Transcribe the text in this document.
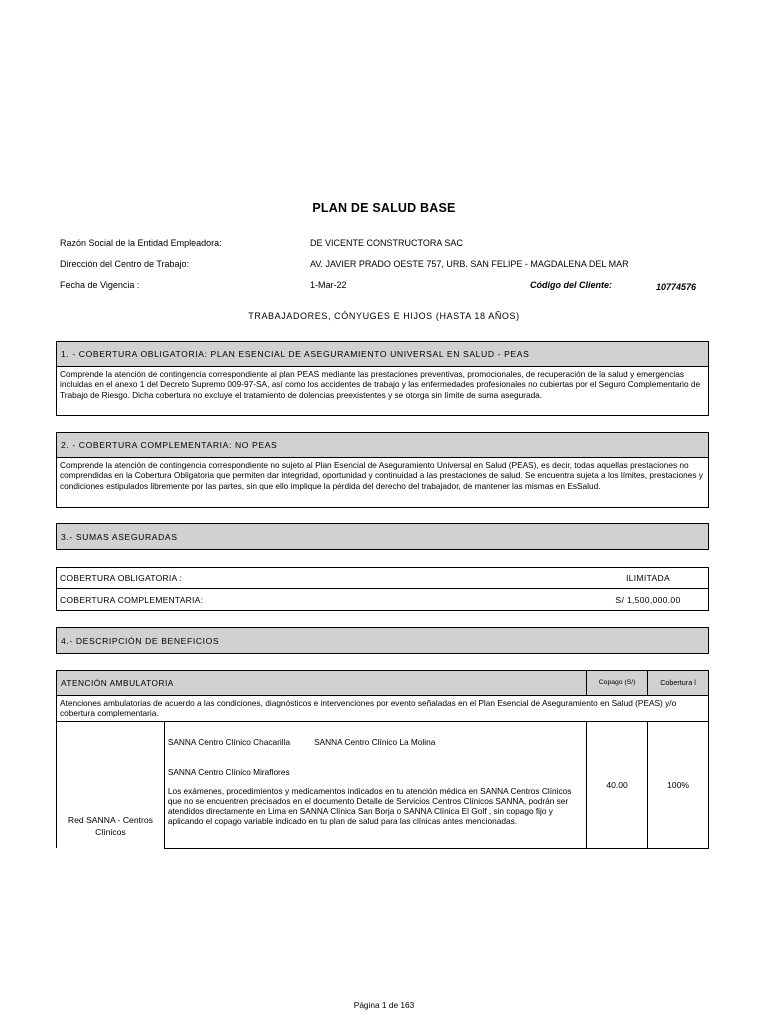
PLAN DE SALUD BASE
Razón Social de la Entidad Empleadora:	DE VICENTE CONSTRUCTORA SAC
Dirección del Centro de Trabajo:	AV. JAVIER PRADO OESTE 757, URB. SAN FELIPE - MAGDALENA DEL MAR
Fecha de Vigencia :	1-Mar-22	Código del Cliente:	10774576
TRABAJADORES, CÓNYUGES E HIJOS (HASTA 18 AÑOS)
1. - COBERTURA OBLIGATORIA: PLAN ESENCIAL DE ASEGURAMIENTO UNIVERSAL EN SALUD - PEAS
Comprende la atención de contingencia correspondiente al plan PEAS mediante las prestaciones preventivas, promocionales, de recuperación de la salud y emergencias incluidas en el anexo 1 del Decreto Supremo 009-97-SA, así como los accidentes de trabajo y las enfermedades profesionales no cubiertas por el Seguro Complementario de Trabajo de Riesgo. Dicha cobertura no excluye el tratamiento de dolencias preexistentes y se otorga sin límite de suma asegurada.
2. - COBERTURA COMPLEMENTARIA: NO PEAS
Comprende la atención de contingencia correspondiente no sujeto al Plan Esencial de Aseguramiento Universal en Salud (PEAS), es decir, todas aquellas prestaciones no comprendidas en la Cobertura Obligatoria que permiten dar integridad, oportunidad y continuidad a las prestaciones de salud. Se encuentra sujeta a los límites, prestaciones y condiciones estipulados libremente por las partes, sin que ello implique la pérdida del derecho del trabajador, de mantener las mismas en EsSalud.
3.- SUMAS ASEGURADAS
COBERTURA OBLIGATORIA :	ILIMITADA
COBERTURA COMPLEMENTARIA:	S/ 1,500,000.00
4.- DESCRIPCIÓN DE BENEFICIOS
ATENCIÓN AMBULATORIA		Copago (S/)	Cobertura l
Atenciones ambulatorias de acuerdo a las condiciones, diagnósticos e intervenciones por evento señaladas en el Plan Esencial de Aseguramiento en Salud (PEAS) y/o cobertura complementaria.			
Red SANNA - Centros Clínicos	SANNA Centro Clínico Chacarilla SANNA Centro Clínico La Molina
SANNA Centro Clínico Miraflores
Los exámenes, procedimientos y medicamentos indicados en tu atención médica en SANNA Centros Clínicos que no se encuentren precisados en el documento Detalle de Servicios Centros Clínicos SANNA, podrán ser atendidos directamente en Lima en SANNA Clínica San Borja o SANNA Clínica El Golf , sin copago fijo y aplicando el copago variable indicado en tu plan de salud para las clínicas antes mencionadas.	40.00	100%
Página 1 de 163
